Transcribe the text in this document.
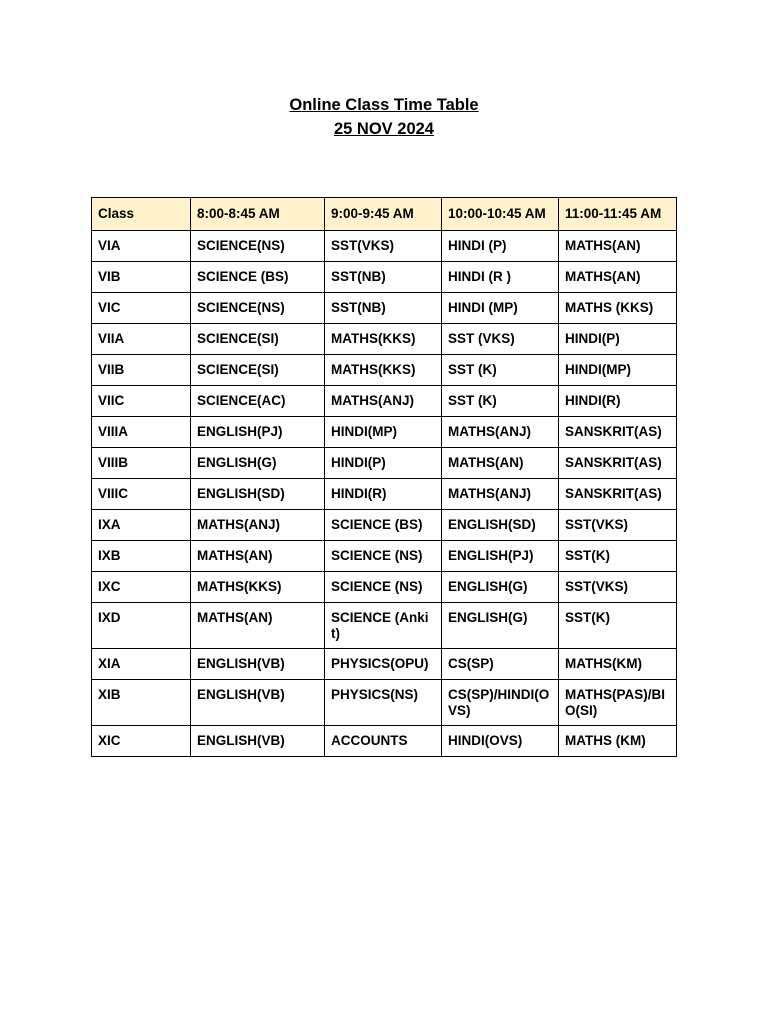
Online Class Time Table

25 NOV 2024

Class	8:00-8:45 AM	9:00-9:45 AM	10:00-10:45 AM	11:00-11:45 AM
VIA	SCIENCE(NS)	SST(VKS)	HINDI (P)	MATHS(AN)
VIB	SCIENCE (BS)	SST(NB)	HINDI (R )	MATHS(AN)
VIC	SCIENCE(NS)	SST(NB)	HINDI (MP)	MATHS (KKS)
VIIA	SCIENCE(SI)	MATHS(KKS)	SST (VKS)	HINDI(P)
VIIB	SCIENCE(SI)	MATHS(KKS)	SST (K)	HINDI(MP)
VIIC	SCIENCE(AC)	MATHS(ANJ)	SST (K)	HINDI(R)
VIIIA	ENGLISH(PJ)	HINDI(MP)	MATHS(ANJ)	SANSKRIT(AS)
VIIIB	ENGLISH(G)	HINDI(P)	MATHS(AN)	SANSKRIT(AS)
VIIIC	ENGLISH(SD)	HINDI(R)	MATHS(ANJ)	SANSKRIT(AS)
IXA	MATHS(ANJ)	SCIENCE (BS)	ENGLISH(SD)	SST(VKS)
IXB	MATHS(AN)	SCIENCE (NS)	ENGLISH(PJ)	SST(K)
IXC	MATHS(KKS)	SCIENCE (NS)	ENGLISH(G)	SST(VKS)
IXD	MATHS(AN)	SCIENCE (Ankit)	ENGLISH(G)	SST(K)
XIA	ENGLISH(VB)	PHYSICS(OPU)	CS(SP)	MATHS(KM)
XIB	ENGLISH(VB)	PHYSICS(NS)	CS(SP)/HINDI(OVS)	MATHS(PAS)/BIO(SI)
XIC	ENGLISH(VB)	ACCOUNTS	HINDI(OVS)	MATHS (KM)
